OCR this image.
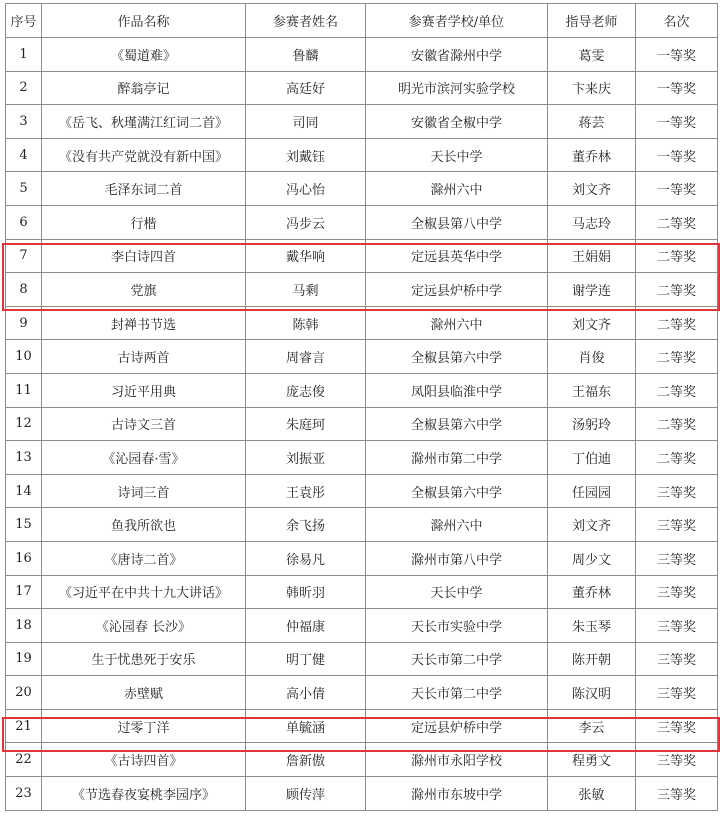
序号	作品名称	参赛者姓名	参赛者学校/单位	指导老师	名次
1	《蜀道难》	鲁麟	安徽省滁州中学	葛雯	一等奖
2	醉翁亭记	高廷好	明光市滨河实验学校	卞来庆	一等奖
3	《岳飞、秋瑾满江红词二首》	司同	安徽省全椒中学	蒋芸	一等奖
4	《没有共产党就没有新中国》	刘戴钰	天长中学	董乔林	一等奖
5	毛泽东词二首	冯心怡	滁州六中	刘文齐	一等奖
6	行楷	冯步云	全椒县第八中学	马志玲	二等奖
7	李白诗四首	戴华响	定远县英华中学	王娟娟	二等奖
8	党旗	马剩	定远县炉桥中学	谢学连	二等奖
9	封禅书节选	陈韩	滁州六中	刘文齐	二等奖
10	古诗两首	周睿言	全椒县第六中学	肖俊	二等奖
11	习近平用典	庞志俊	凤阳县临淮中学	王福东	二等奖
12	古诗文三首	朱庭珂	全椒县第六中学	汤躬玲	二等奖
13	《沁园春·雪》	刘振亚	滁州市第二中学	丁伯迪	二等奖
14	诗词三首	王袁彤	全椒县第六中学	任园园	三等奖
15	鱼我所欲也	余飞扬	滁州六中	刘文齐	三等奖
16	《唐诗二首》	徐易凡	滁州市第八中学	周少文	三等奖
17	《习近平在中共十九大讲话》	韩昕羽	天长中学	董乔林	三等奖
18	《沁园春 长沙》	仲福康	天长市实验中学	朱玉琴	三等奖
19	生于忧患死于安乐	明丁健	天长市第二中学	陈开朝	三等奖
20	赤壁赋	高小倩	天长市第二中学	陈汉明	三等奖
21	过零丁洋	单毓涵	定远县炉桥中学	李云	三等奖
22	《古诗四首》	詹新傲	滁州市永阳学校	程勇文	三等奖
23	《节选春夜宴桃李园序》	顾传萍	滁州市东坡中学	张敏	三等奖
